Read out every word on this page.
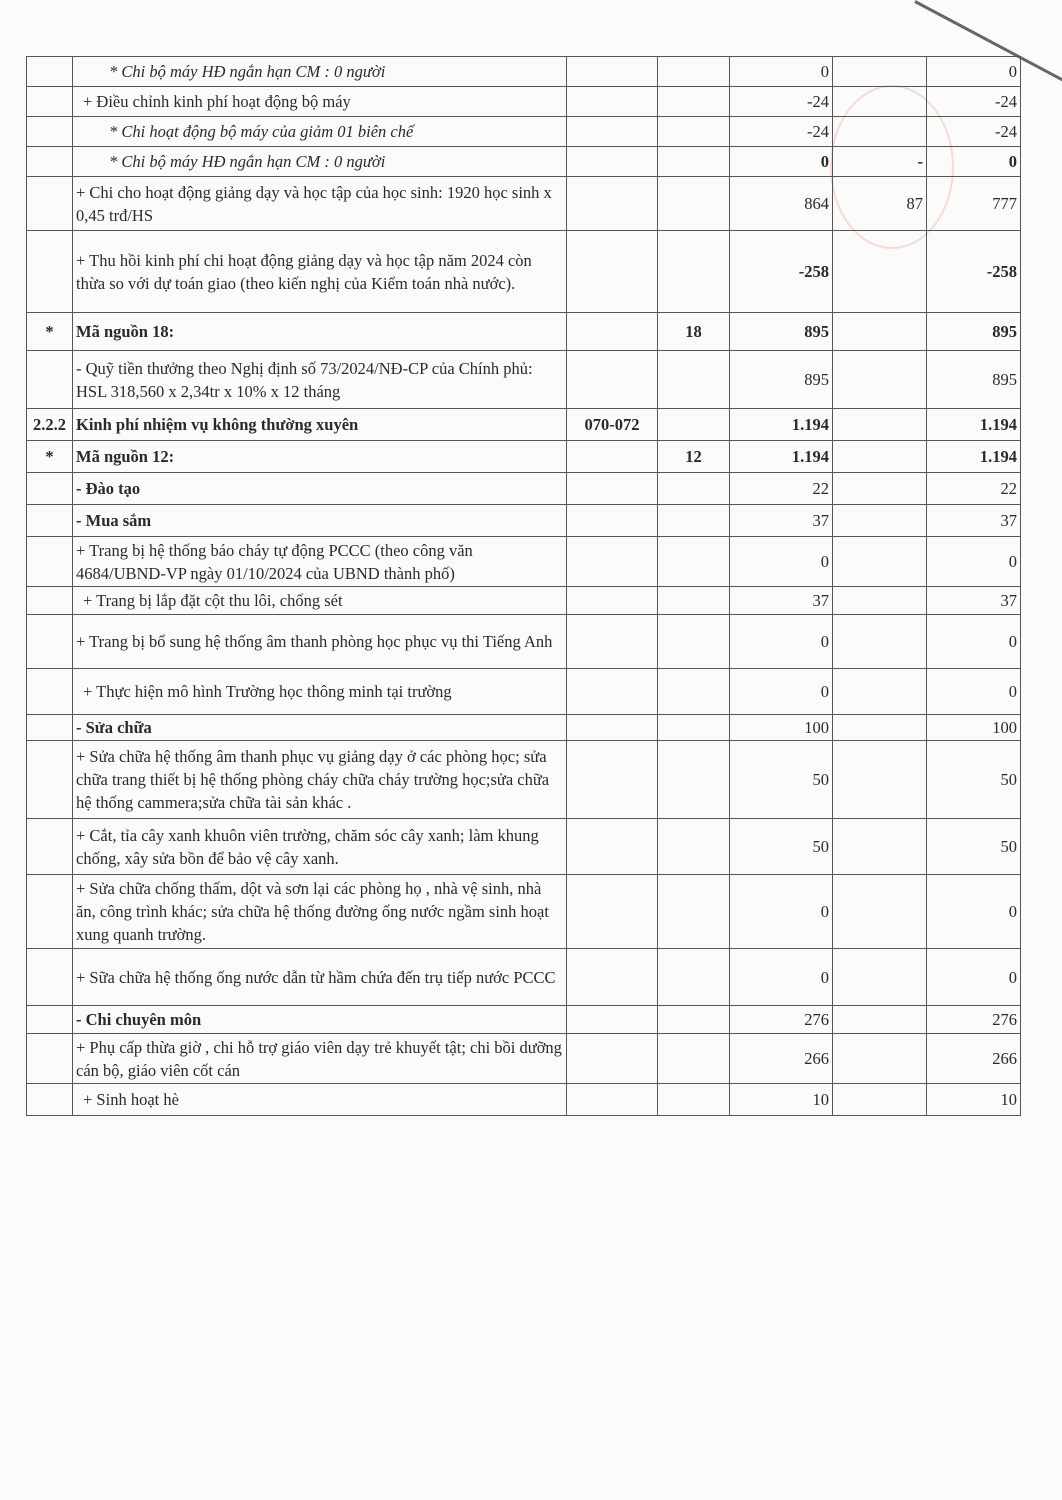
	* Chi bộ máy HĐ ngắn hạn CM : 0 người			0		0
	+ Điều chỉnh kinh phí hoạt động bộ máy			-24		-24
	* Chi hoạt động bộ máy của giảm 01 biên chế			-24		-24
	* Chi bộ máy HĐ ngắn hạn CM : 0 người			0	-	0
	+ Chi cho hoạt động giảng dạy và học tập của học sinh: 1920 học sinh x 0,45 trđ/HS			864	87	777
	+ Thu hồi kinh phí chi hoạt động giảng dạy và học tập năm 2024 còn thừa so với dự toán giao (theo kiến nghị của Kiểm toán nhà nước).			-258		-258
*	Mã nguồn 18:		18	895		895
	- Quỹ tiền thưởng theo Nghị định số 73/2024/NĐ-CP của Chính phủ: HSL 318,560 x 2,34tr x 10% x 12 tháng			895		895
2.2.2	Kinh phí nhiệm vụ không thường xuyên	070-072		1.194		1.194
*	Mã nguồn 12:		12	1.194		1.194
	- Đào tạo			22		22
	- Mua sắm			37		37
	+ Trang bị hệ thống báo cháy tự động PCCC (theo công văn 4684/UBND-VP ngày 01/10/2024 của UBND thành phố)			0		0
	+ Trang bị lắp đặt cột thu lôi, chống sét			37		37
	+ Trang bị bổ sung hệ thống âm thanh phòng học phục vụ thi Tiếng Anh			0		0
	+ Thực hiện mô hình Trường học thông minh tại trường			0		0
	- Sửa chữa			100		100
	+ Sửa chữa hệ thống âm thanh phục vụ giảng dạy ở các phòng học; sửa chữa trang thiết bị hệ thống phòng cháy chữa cháy trường học;sửa chữa hệ thống cammera;sửa chữa tài sản khác .			50		50
	+ Cắt, tỉa cây xanh khuôn viên trường, chăm sóc cây xanh; làm khung chống, xây sửa bồn để bảo vệ cây xanh.			50		50
	+ Sửa chữa chống thấm, dột và sơn lại các phòng họ , nhà vệ sinh, nhà ăn, công trình khác; sửa chữa hệ thống đường ống nước ngầm sinh hoạt xung quanh trường.			0		0
	+ Sữa chữa hệ thống ống nước dẫn từ hầm chứa đến trụ tiếp nước PCCC			0		0
	- Chi chuyên môn			276		276
	+ Phụ cấp thừa giờ , chi hỗ trợ giáo viên dạy trẻ khuyết tật; chi bồi dưỡng cán bộ, giáo viên cốt cán			266		266
	+ Sinh hoạt hè			10		10
